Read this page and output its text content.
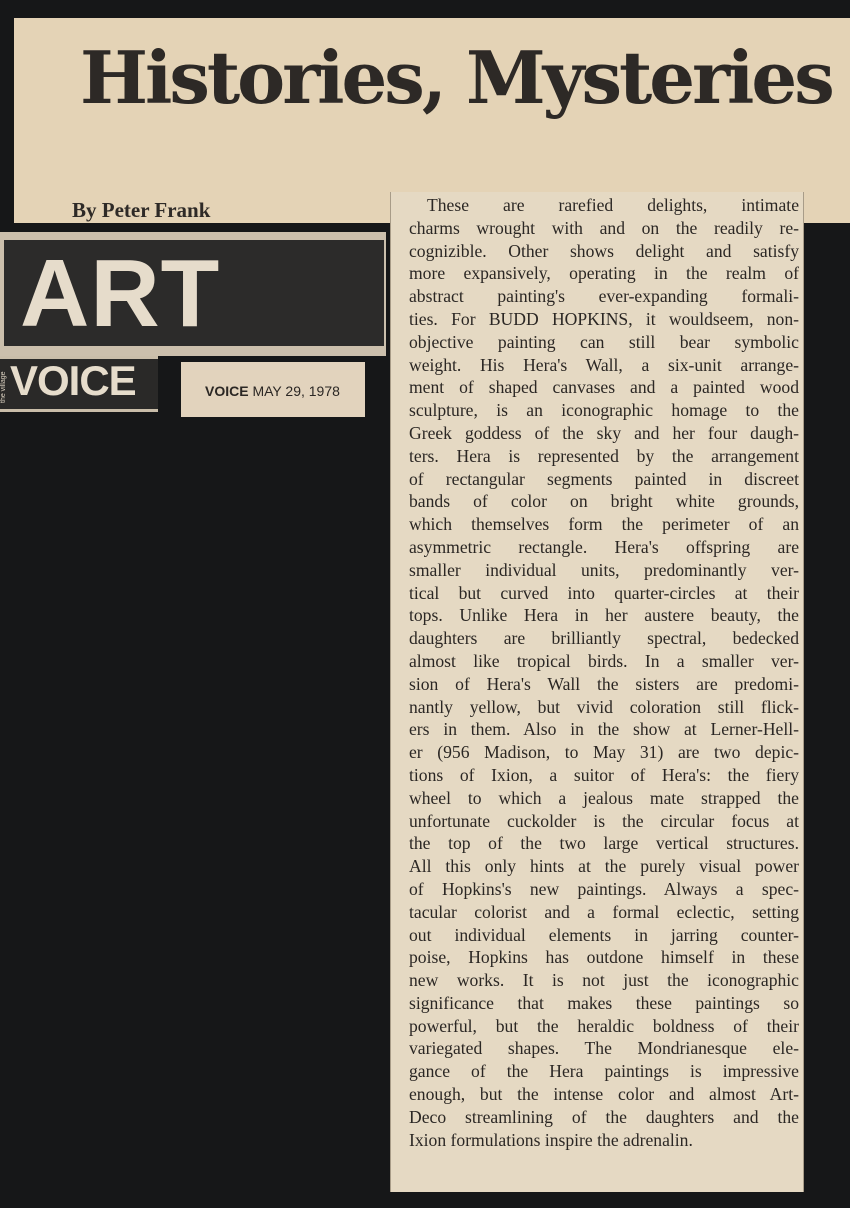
Histories, Mysteries
By Peter Frank
ART
the village VOICE	VOICE MAY 29, 1978
These are rarefied delights, intimate
charms wrought with and on the readily re-
cognizible. Other shows delight and satisfy
more expansively, operating in the realm of
abstract painting's ever-expanding formali-
ties. For BUDD HOPKINS, it wouldseem, non-
objective painting can still bear symbolic
weight. His Hera's Wall, a six-unit arrange-
ment of shaped canvases and a painted wood
sculpture, is an iconographic homage to the
Greek goddess of the sky and her four daugh-
ters. Hera is represented by the arrangement
of rectangular segments painted in discreet
bands of color on bright white grounds,
which themselves form the perimeter of an
asymmetric rectangle. Hera's offspring are
smaller individual units, predominantly ver-
tical but curved into quarter-circles at their
tops. Unlike Hera in her austere beauty, the
daughters are brilliantly spectral, bedecked
almost like tropical birds. In a smaller ver-
sion of Hera's Wall the sisters are predomi-
nantly yellow, but vivid coloration still flick-
ers in them. Also in the show at Lerner-Hell-
er (956 Madison, to May 31) are two depic-
tions of Ixion, a suitor of Hera's: the fiery
wheel to which a jealous mate strapped the
unfortunate cuckolder is the circular focus at
the top of the two large vertical structures.
All this only hints at the purely visual power
of Hopkins's new paintings. Always a spec-
tacular colorist and a formal eclectic, setting
out individual elements in jarring counter-
poise, Hopkins has outdone himself in these
new works. It is not just the iconographic
significance that makes these paintings so
powerful, but the heraldic boldness of their
variegated shapes. The Mondrianesque ele-
gance of the Hera paintings is impressive
enough, but the intense color and almost Art-
Deco streamlining of the daughters and the
Ixion formulations inspire the adrenalin.
